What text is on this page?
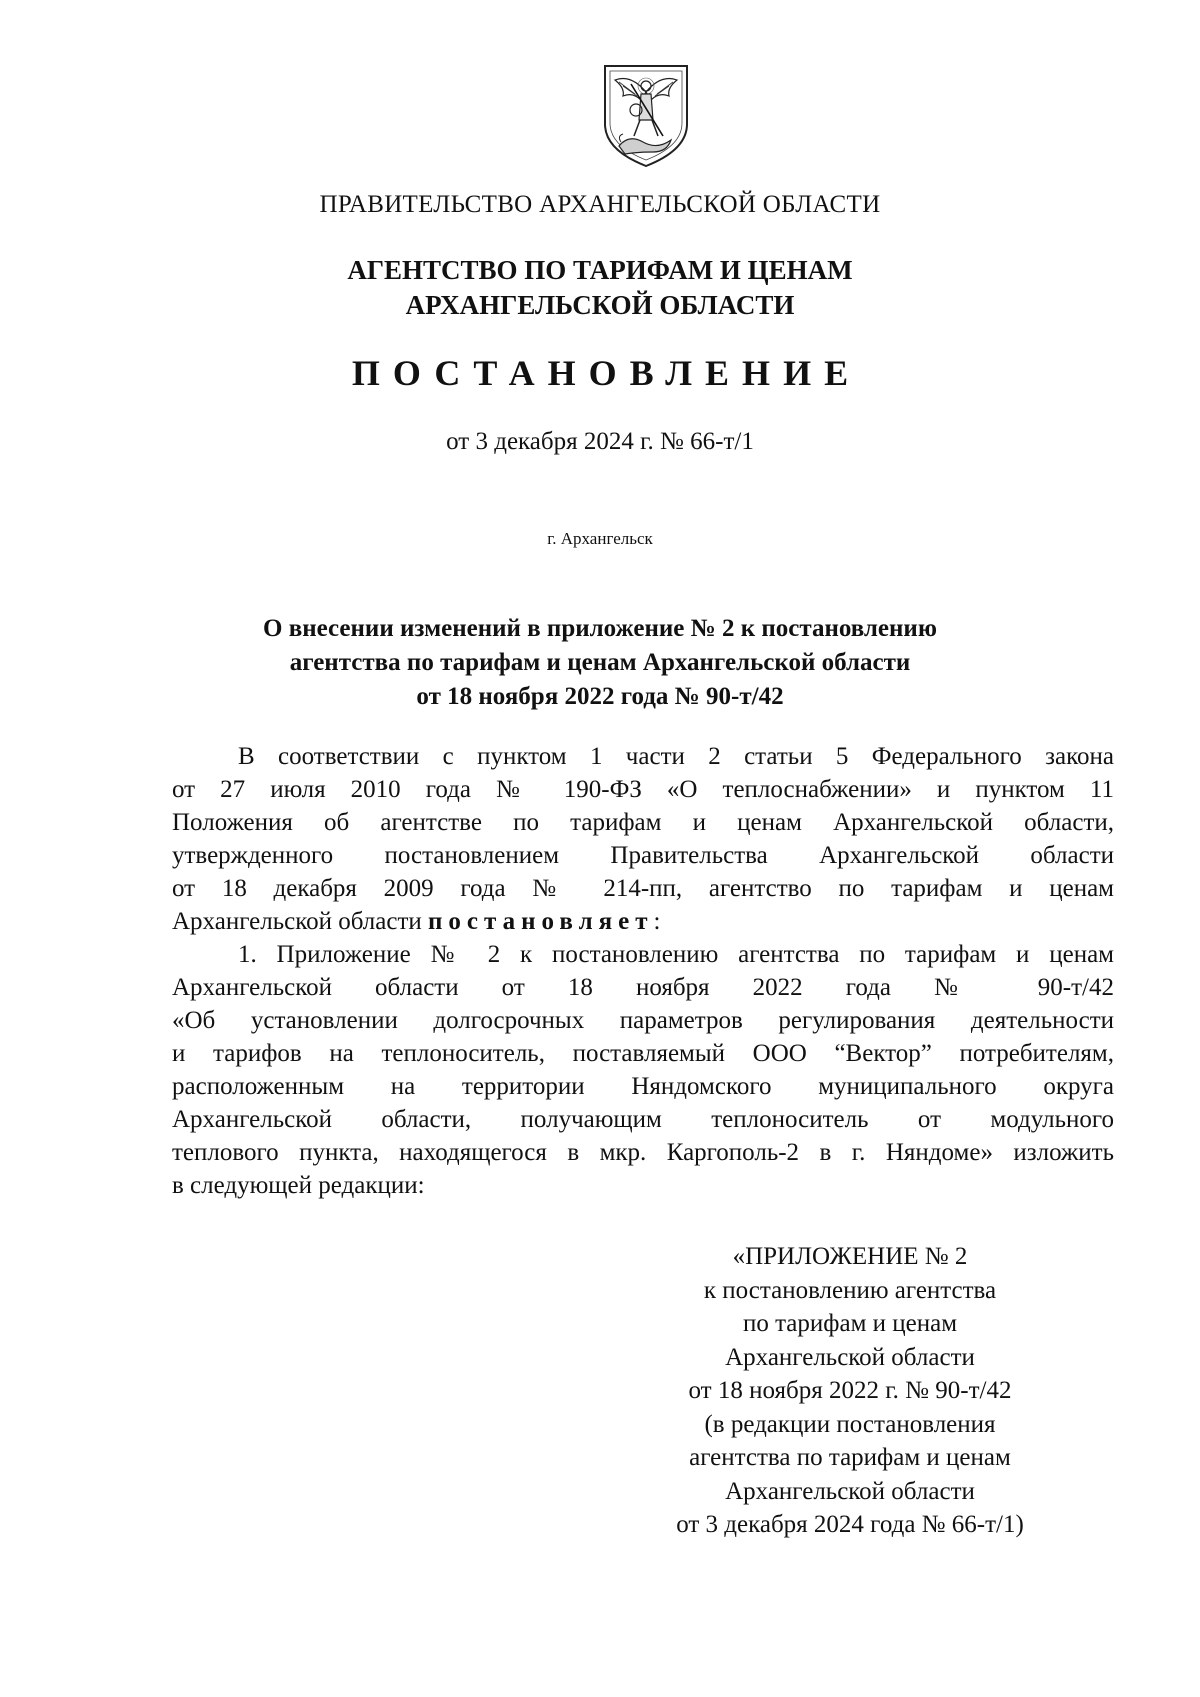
ПРАВИТЕЛЬСТВО АРХАНГЕЛЬСКОЙ ОБЛАСТИ
АГЕНТСТВО ПО ТАРИФАМ И ЦЕНАМ
АРХАНГЕЛЬСКОЙ ОБЛАСТИ
ПОСТАНОВЛЕНИЕ
от 3 декабря 2024 г. № 66-т/1
г. Архангельск
О внесении изменений в приложение № 2 к постановлению
агентства по тарифам и ценам Архангельской области
от 18 ноября 2022 года № 90-т/42
В соответствии с пунктом 1 части 2 статьи 5 Федерального закона
от 27 июля 2010 года № 190-ФЗ «О теплоснабжении» и пунктом 11
Положения об агентстве по тарифам и ценам Архангельской области,
утвержденного постановлением Правительства Архангельской области
от 18 декабря 2009 года № 214-пп, агентство по тарифам и ценам
Архангельской области постановляет:
1. Приложение № 2 к постановлению агентства по тарифам и ценам
Архангельской области от 18 ноября 2022 года № 90-т/42
«Об установлении долгосрочных параметров регулирования деятельности
и тарифов на теплоноситель, поставляемый ООО “Вектор” потребителям,
расположенным на территории Няндомского муниципального округа
Архангельской области, получающим теплоноситель от модульного
теплового пункта, находящегося в мкр. Каргополь-2 в г. Няндоме» изложить
в следующей редакции:
«ПРИЛОЖЕНИЕ № 2
к постановлению агентства
по тарифам и ценам
Архангельской области
от 18 ноября 2022 г. № 90-т/42
(в редакции постановления
агентства по тарифам и ценам
Архангельской области
от 3 декабря 2024 года № 66-т/1)
